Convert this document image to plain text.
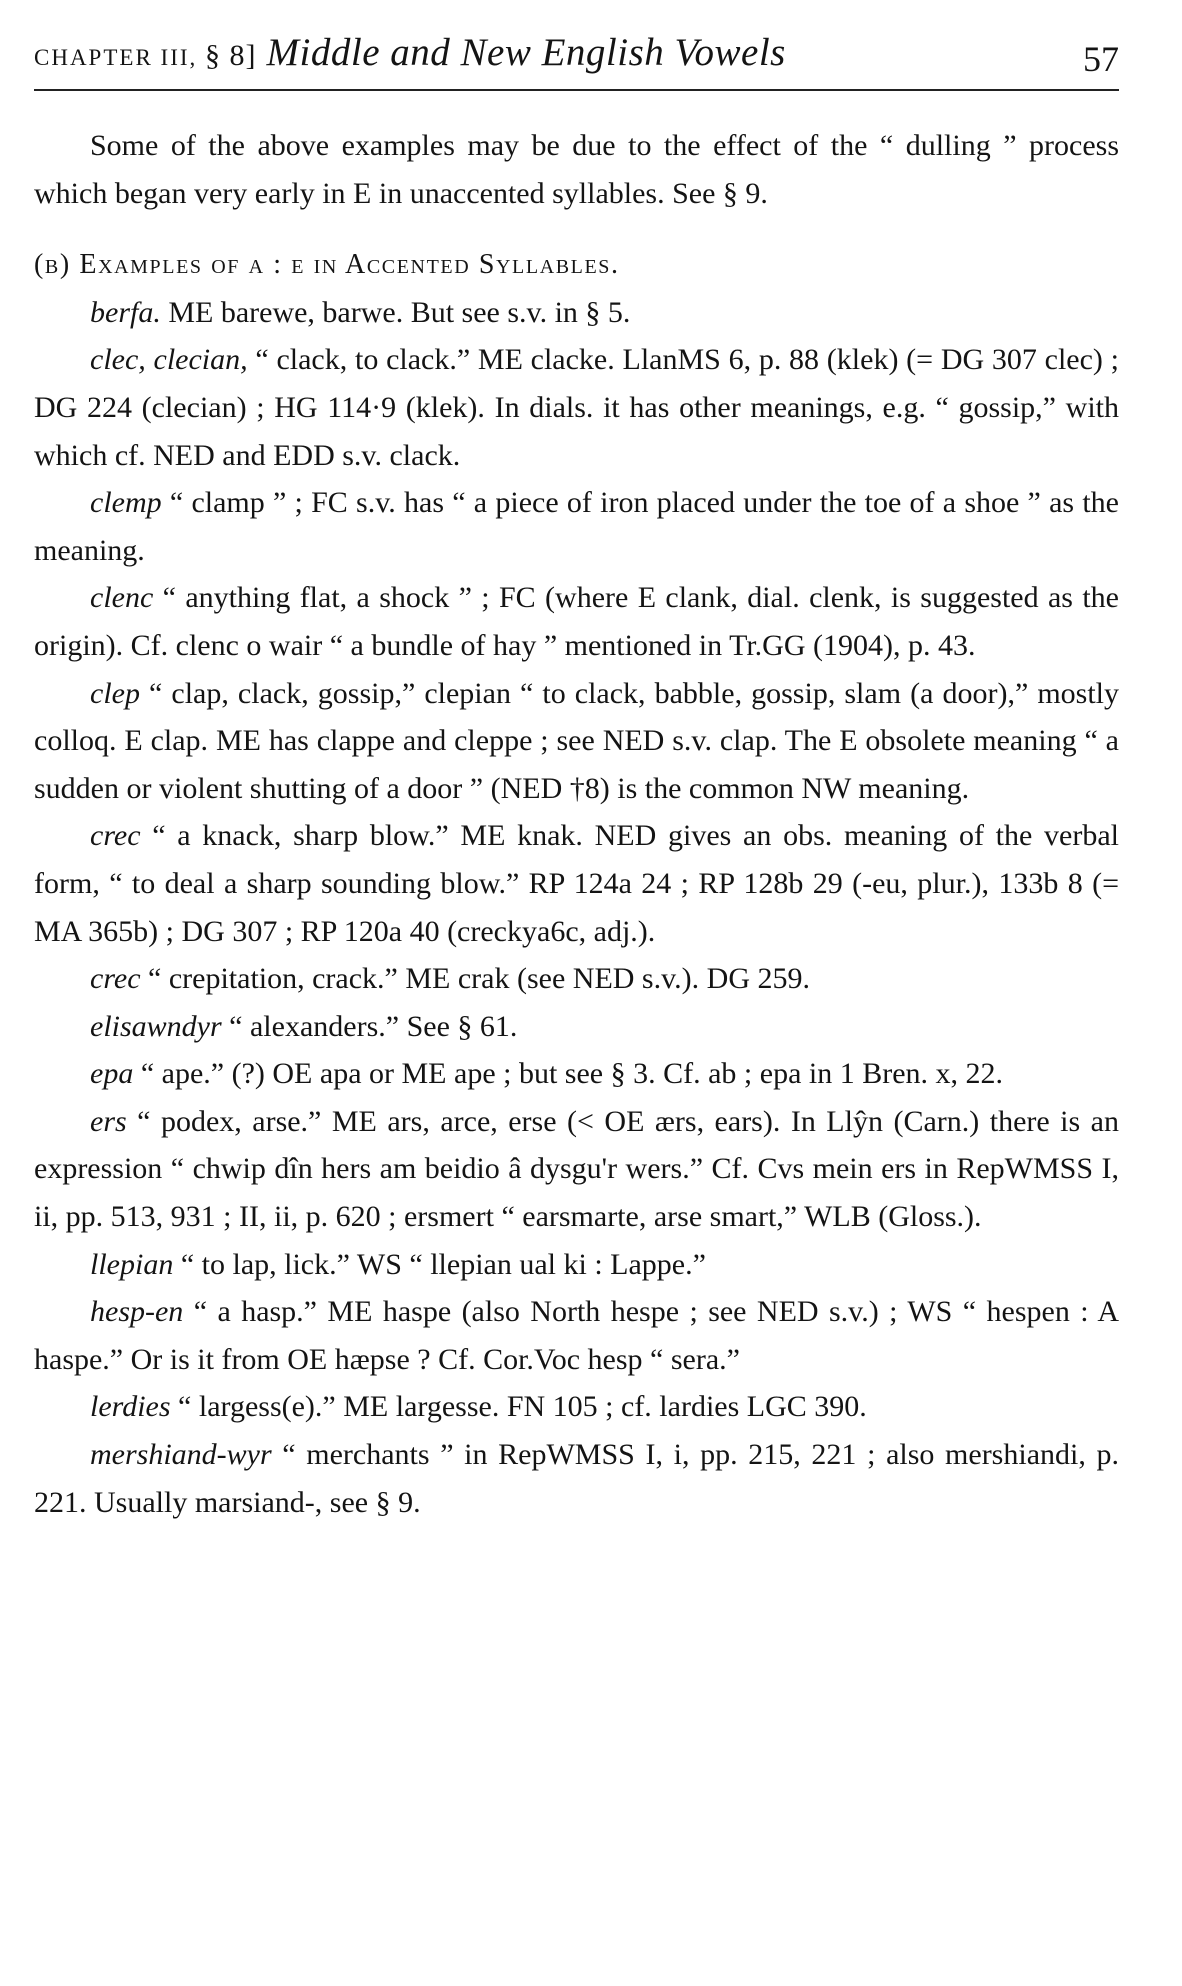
CHAPTER III, § 8] Middle and New English Vowels	57

Some of the above examples may be due to the effect of the “ dulling ” process which began very early in E in unaccented syllables. See § 9.

(b) Examples of a : e in Accented Syllables.

berfa. ME barewe, barwe. But see s.v. in § 5.

clec, clecian, “ clack, to clack.” ME clacke. LlanMS 6, p. 88 (klek) (= DG 307 clec) ; DG 224 (clecian) ; HG 114·9 (klek). In dials. it has other meanings, e.g. “ gossip,” with which cf. NED and EDD s.v. clack.

clemp “ clamp ” ; FC s.v. has “ a piece of iron placed under the toe of a shoe ” as the meaning.

clenc “ anything flat, a shock ” ; FC (where E clank, dial. clenk, is suggested as the origin). Cf. clenc o wair “ a bundle of hay ” mentioned in Tr.GG (1904), p. 43.

clep “ clap, clack, gossip,” clepian “ to clack, babble, gossip, slam (a door),” mostly colloq. E clap. ME has clappe and cleppe ; see NED s.v. clap. The E obsolete meaning “ a sudden or violent shutting of a door ” (NED †8) is the common NW meaning.

crec “ a knack, sharp blow.” ME knak. NED gives an obs. meaning of the verbal form, “ to deal a sharp sounding blow.” RP 124a 24 ; RP 128b 29 (-eu, plur.), 133b 8 (= MA 365b) ; DG 307 ; RP 120a 40 (creckya6c, adj.).

crec “ crepitation, crack.” ME crak (see NED s.v.). DG 259.

elisawndyr “ alexanders.” See § 61.

epa “ ape.” (?) OE apa or ME ape ; but see § 3. Cf. ab ; epa in 1 Bren. x, 22.

ers “ podex, arse.” ME ars, arce, erse (< OE ærs, ears). In Llŷn (Carn.) there is an expression “ chwip dîn hers am beidio â dysgu'r wers.” Cf. Cvs mein ers in RepWMSS I, ii, pp. 513, 931 ; II, ii, p. 620 ; ersmert “ earsmarte, arse smart,” WLB (Gloss.).

llepian “ to lap, lick.” WS “ llepian ual ki : Lappe.”

hesp-en “ a hasp.” ME haspe (also North hespe ; see NED s.v.) ; WS “ hespen : A haspe.” Or is it from OE hæpse ? Cf. Cor.Voc hesp “ sera.”

lerdies “ largess(e).” ME largesse. FN 105 ; cf. lardies LGC 390.

mershiand-wyr “ merchants ” in RepWMSS I, i, pp. 215, 221 ; also mershiandi, p. 221. Usually marsiand-, see § 9.
